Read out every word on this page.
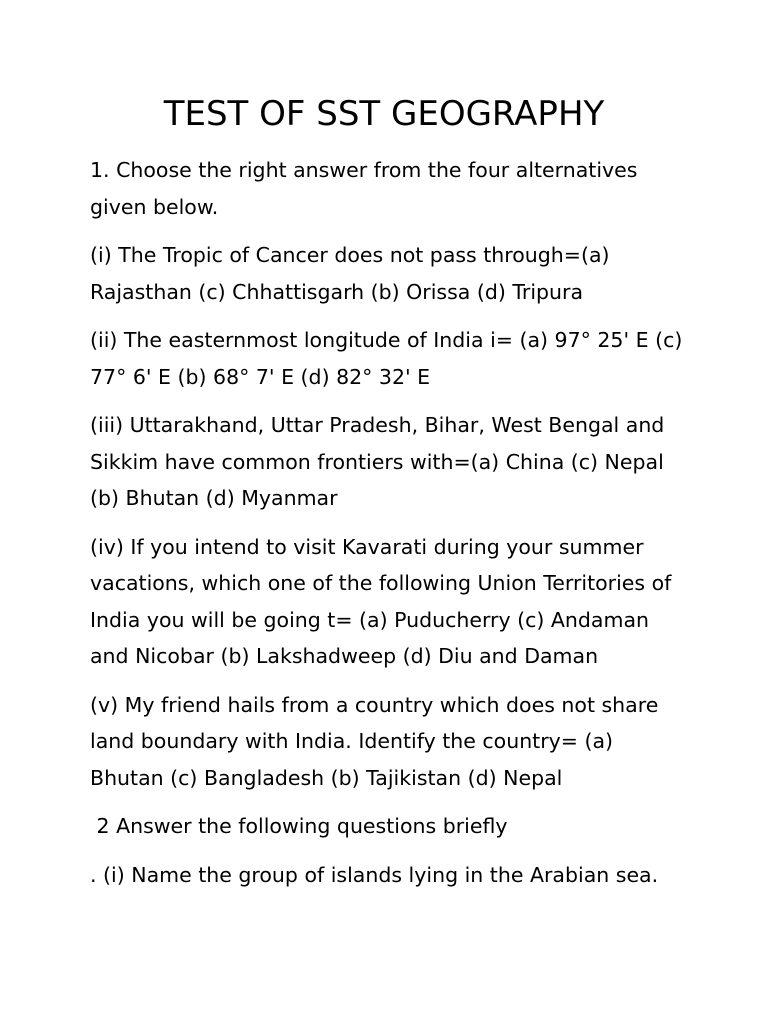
TEST OF SST GEOGRAPHY

1. Choose the right answer from the four alternatives
given below.

(i) The Tropic of Cancer does not pass through=(a)
Rajasthan (c) Chhattisgarh (b) Orissa (d) Tripura

(ii) The easternmost longitude of India i= (a) 97° 25' E (c)
77° 6' E (b) 68° 7' E (d) 82° 32' E

(iii) Uttarakhand, Uttar Pradesh, Bihar, West Bengal and
Sikkim have common frontiers with=(a) China (c) Nepal
(b) Bhutan (d) Myanmar

(iv) If you intend to visit Kavarati during your summer
vacations, which one of the following Union Territories of
India you will be going t= (a) Puducherry (c) Andaman
and Nicobar (b) Lakshadweep (d) Diu and Daman

(v) My friend hails from a country which does not share
land boundary with India. Identify the country= (a)
Bhutan (c) Bangladesh (b) Tajikistan (d) Nepal

2 Answer the following questions briefly

. (i) Name the group of islands lying in the Arabian sea.
